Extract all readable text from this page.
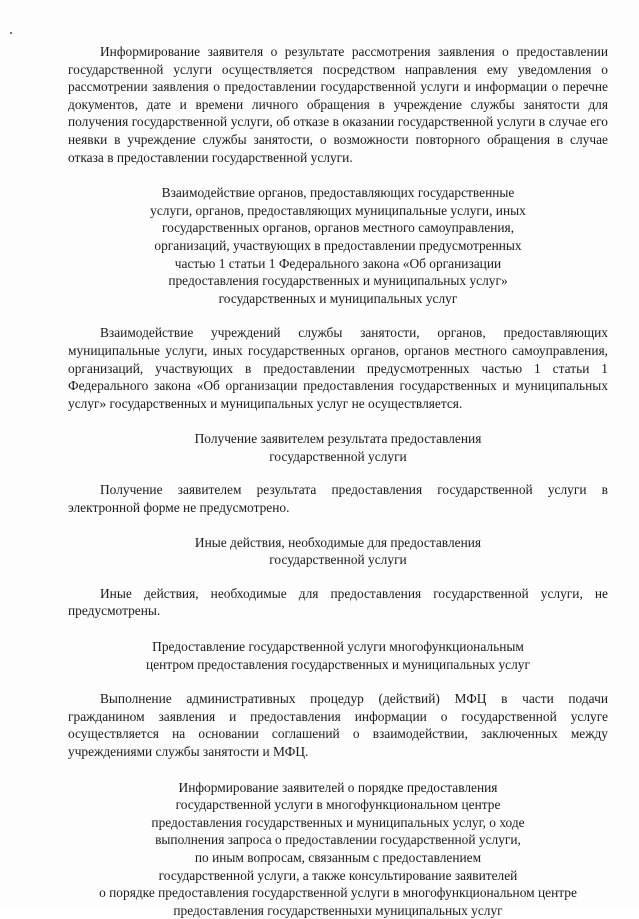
Информирование заявителя о результате рассмотрения заявления о предоставлении государственной услуги осуществляется посредством направления ему уведомления о рассмотрении заявления о предоставлении государственной услуги и информации о перечне документов, дате и времени личного обращения в учреждение службы занятости для получения государственной услуги, об отказе в оказании государственной услуги в случае его неявки в учреждение службы занятости, о возможности повторного обращения в случае отказа в предоставлении государственной услуги.

Взаимодействие органов, предоставляющих государственные
услуги, органов, предоставляющих муниципальные услуги, иных
государственных органов, органов местного самоуправления,
организаций, участвующих в предоставлении предусмотренных
частью 1 статьи 1 Федерального закона «Об организации
предоставления государственных и муниципальных услуг»
государственных и муниципальных услуг

Взаимодействие учреждений службы занятости, органов, предоставляющих муниципальные услуги, иных государственных органов, органов местного самоуправления, организаций, участвующих в предоставлении предусмотренных частью 1 статьи 1 Федерального закона «Об организации предоставления государственных и муниципальных услуг» государственных и муниципальных услуг не осуществляется.

Получение заявителем результата предоставления
государственной услуги

Получение заявителем результата предоставления государственной услуги в электронной форме не предусмотрено.

Иные действия, необходимые для предоставления
государственной услуги

Иные действия, необходимые для предоставления государственной услуги, не предусмотрены.

Предоставление государственной услуги многофункциональным
центром предоставления государственных и муниципальных услуг

Выполнение административных процедур (действий) МФЦ в части подачи гражданином заявления и предоставления информации о государственной услуге осуществляется на основании соглашений о взаимодействии, заключенных между учреждениями службы занятости и МФЦ.

Информирование заявителей о порядке предоставления
государственной услуги в многофункциональном центре
предоставления государственных и муниципальных услуг, о ходе
выполнения запроса о предоставлении государственной услуги,
по иным вопросам, связанным с предоставлением
государственной услуги, а также консультирование заявителей
о порядке предоставления государственной услуги в многофункциональном центре
предоставления государственныхи муниципальных услуг
